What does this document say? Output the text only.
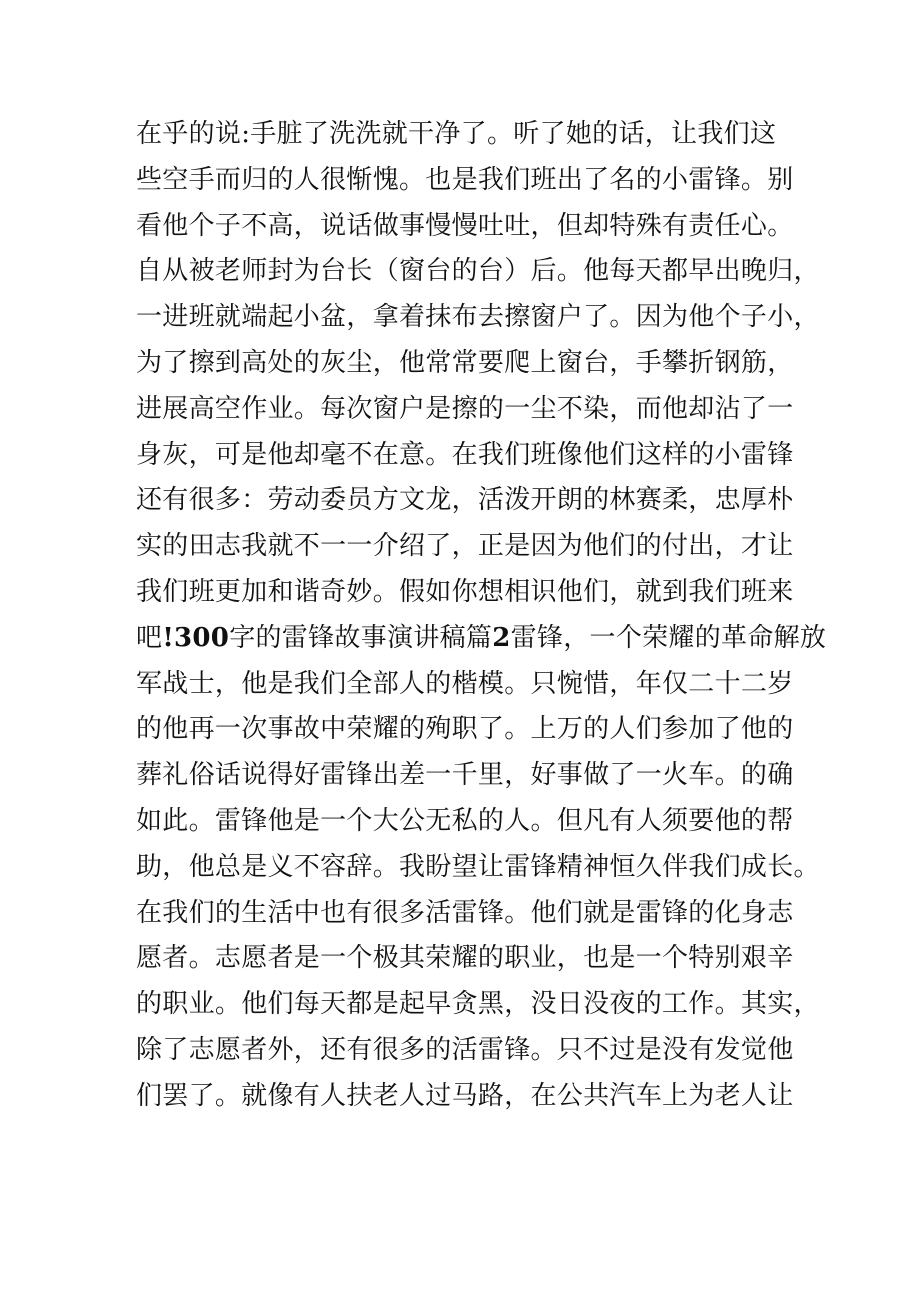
在乎的说:手脏了洗洗就干净了。听了她的话，让我们这
些空手而归的人很惭愧。也是我们班出了名的小雷锋。别
看他个子不高，说话做事慢慢吐吐，但却特殊有责任心。
自从被老师封为台长（窗台的台）后。他每天都早出晚归，
一进班就端起小盆，拿着抹布去擦窗户了。因为他个子小，
为了擦到高处的灰尘，他常常要爬上窗台，手攀折钢筋，
进展高空作业。每次窗户是擦的一尘不染，而他却沾了一
身灰，可是他却毫不在意。在我们班像他们这样的小雷锋
还有很多：劳动委员方文龙，活泼开朗的林赛柔，忠厚朴
实的田志我就不一一介绍了，正是因为他们的付出，才让
我们班更加和谐奇妙。假如你想相识他们，就到我们班来
吧!300字的雷锋故事演讲稿篇2雷锋，一个荣耀的革命解放
军战士，他是我们全部人的楷模。只惋惜，年仅二十二岁
的他再一次事故中荣耀的殉职了。上万的人们参加了他的
葬礼俗话说得好雷锋出差一千里，好事做了一火车。的确
如此。雷锋他是一个大公无私的人。但凡有人须要他的帮
助，他总是义不容辞。我盼望让雷锋精神恒久伴我们成长。
在我们的生活中也有很多活雷锋。他们就是雷锋的化身志
愿者。志愿者是一个极其荣耀的职业，也是一个特别艰辛
的职业。他们每天都是起早贪黑，没日没夜的工作。其实，
除了志愿者外，还有很多的活雷锋。只不过是没有发觉他
们罢了。就像有人扶老人过马路，在公共汽车上为老人让
